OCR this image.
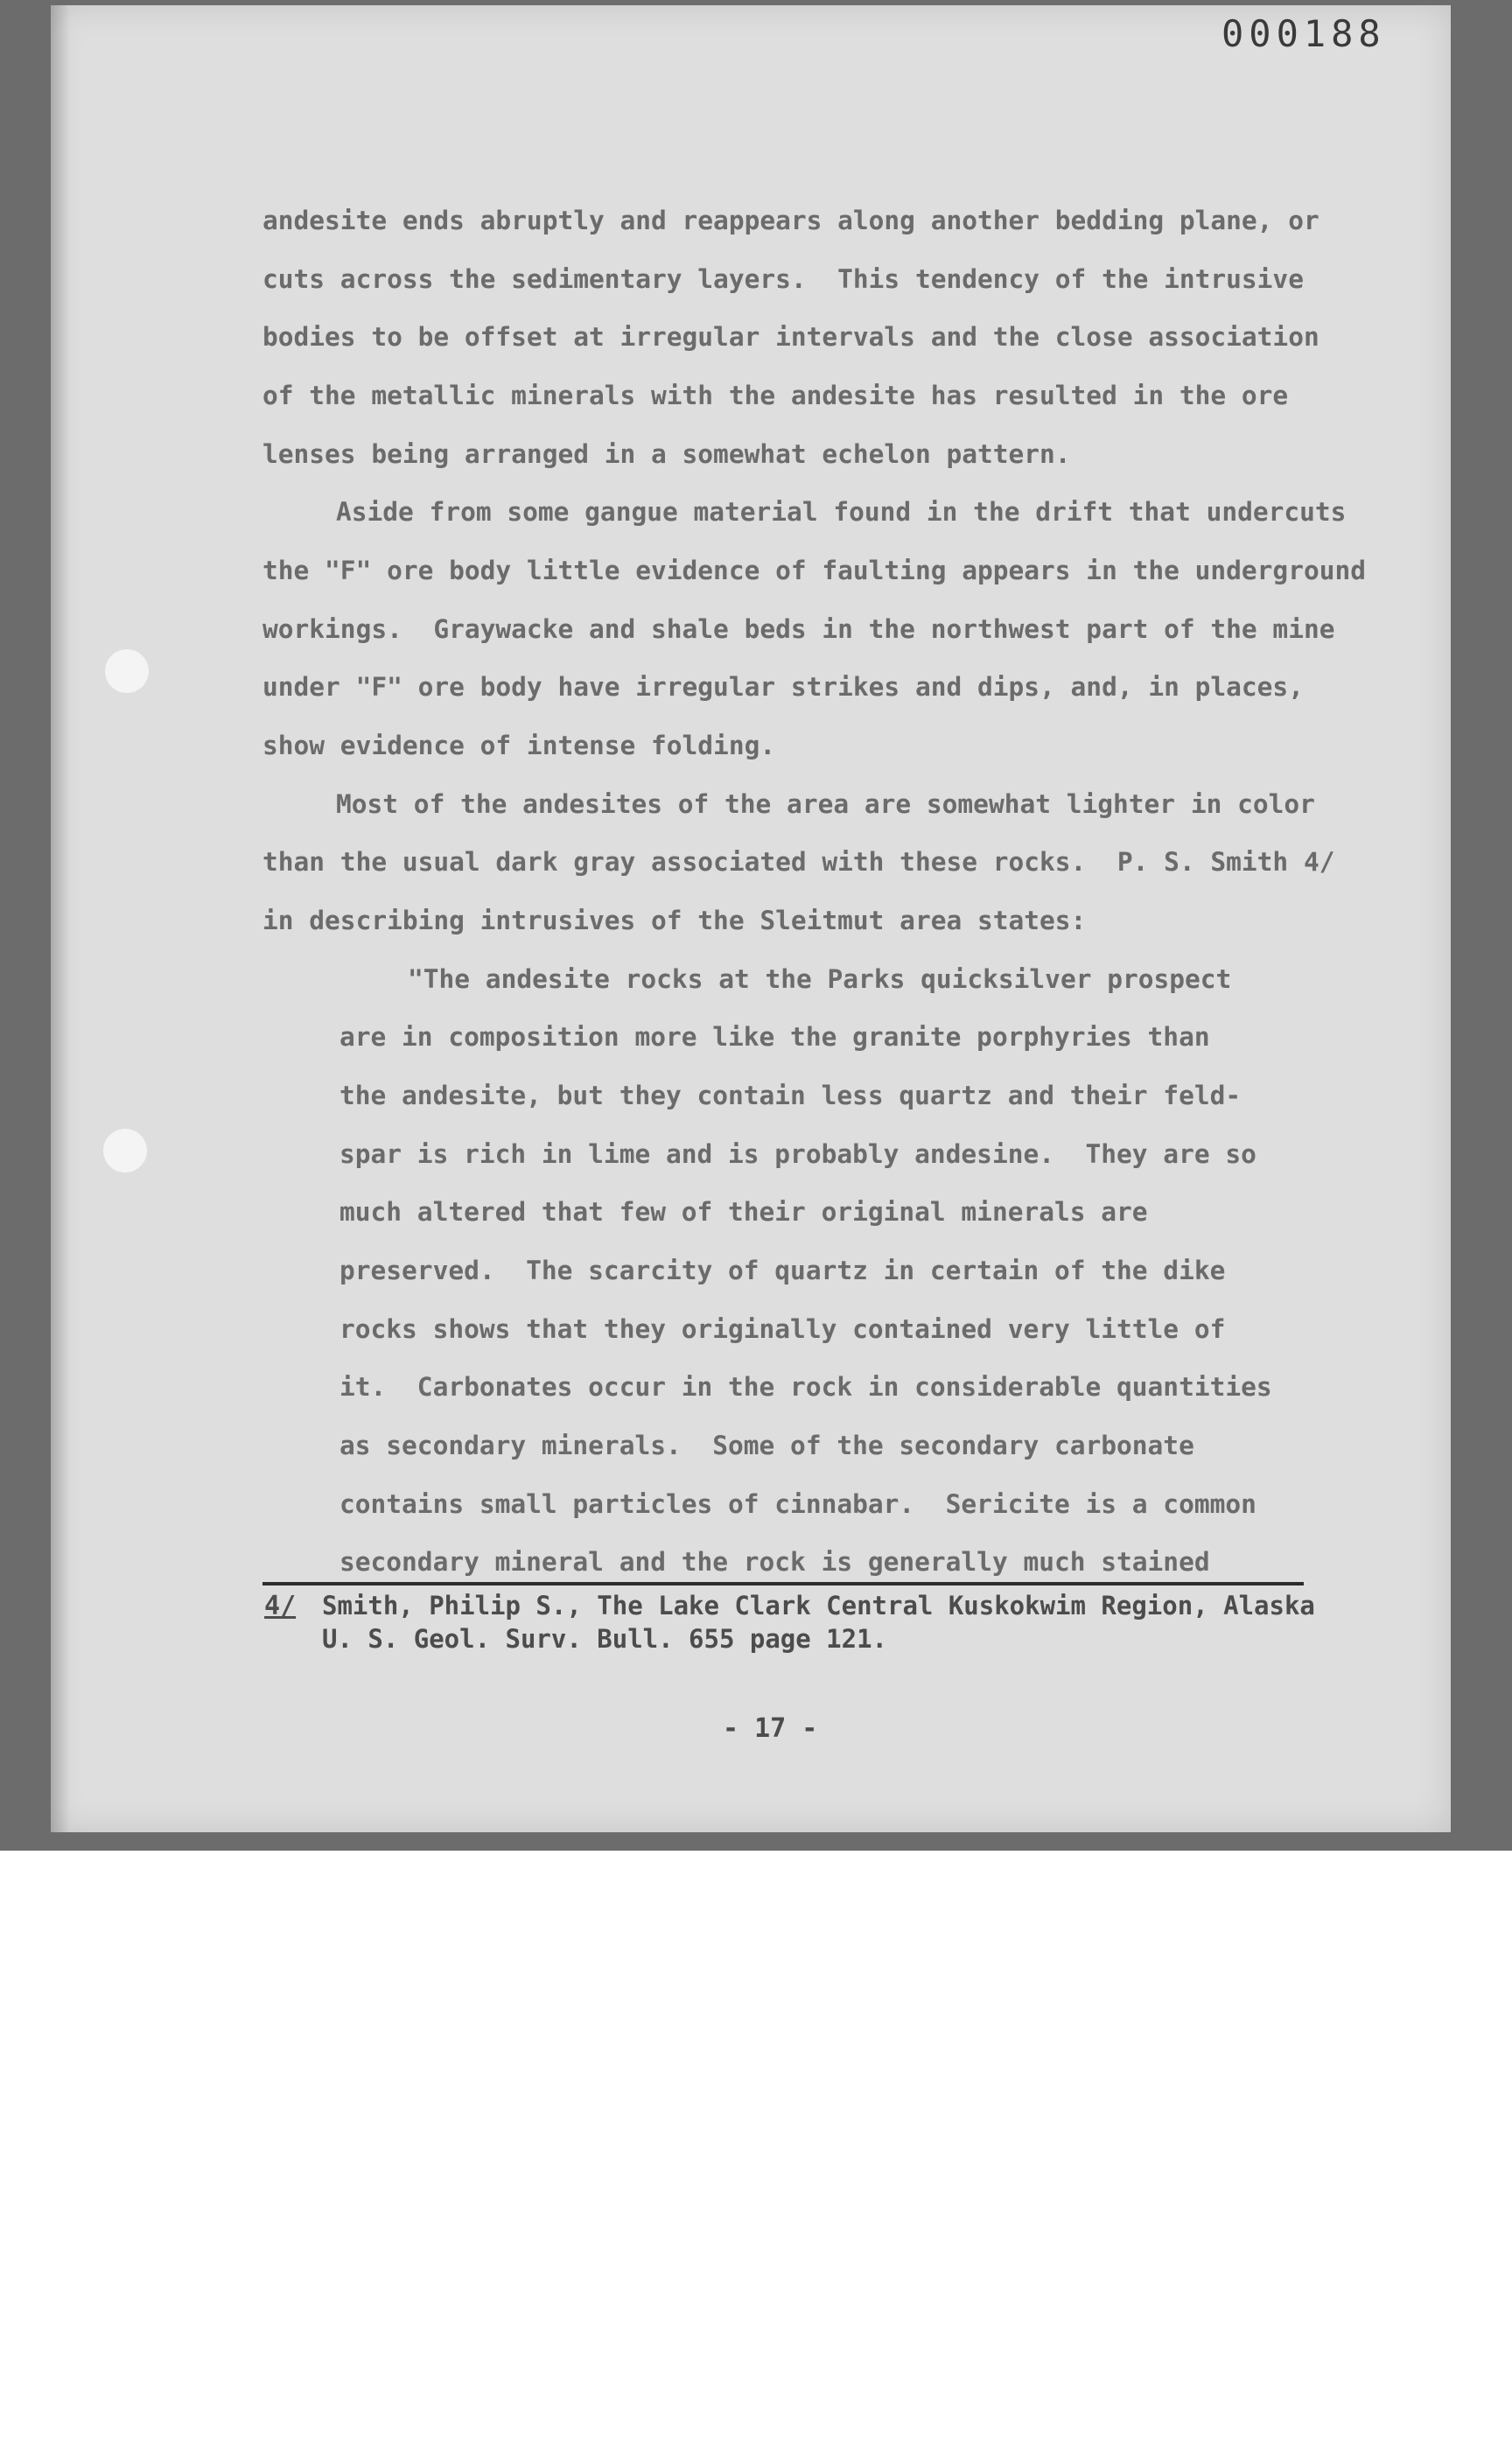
000188
andesite ends abruptly and reappears along another bedding plane, or
cuts across the sedimentary layers.  This tendency of the intrusive
bodies to be offset at irregular intervals and the close association
of the metallic minerals with the andesite has resulted in the ore
lenses being arranged in a somewhat echelon pattern.
Aside from some gangue material found in the drift that undercuts
the "F" ore body little evidence of faulting appears in the underground
workings.  Graywacke and shale beds in the northwest part of the mine
under "F" ore body have irregular strikes and dips, and, in places,
show evidence of intense folding.
Most of the andesites of the area are somewhat lighter in color
than the usual dark gray associated with these rocks.  P. S. Smith 4/
in describing intrusives of the Sleitmut area states:
"The andesite rocks at the Parks quicksilver prospect
are in composition more like the granite porphyries than
the andesite, but they contain less quartz and their feld-
spar is rich in lime and is probably andesine.  They are so
much altered that few of their original minerals are
preserved.  The scarcity of quartz in certain of the dike
rocks shows that they originally contained very little of
it.  Carbonates occur in the rock in considerable quantities
as secondary minerals.  Some of the secondary carbonate
contains small particles of cinnabar.  Sericite is a common
secondary mineral and the rock is generally much stained
4/ Smith, Philip S., The Lake Clark Central Kuskokwim Region, Alaska
U. S. Geol. Surv. Bull. 655 page 121.
- 17 -
